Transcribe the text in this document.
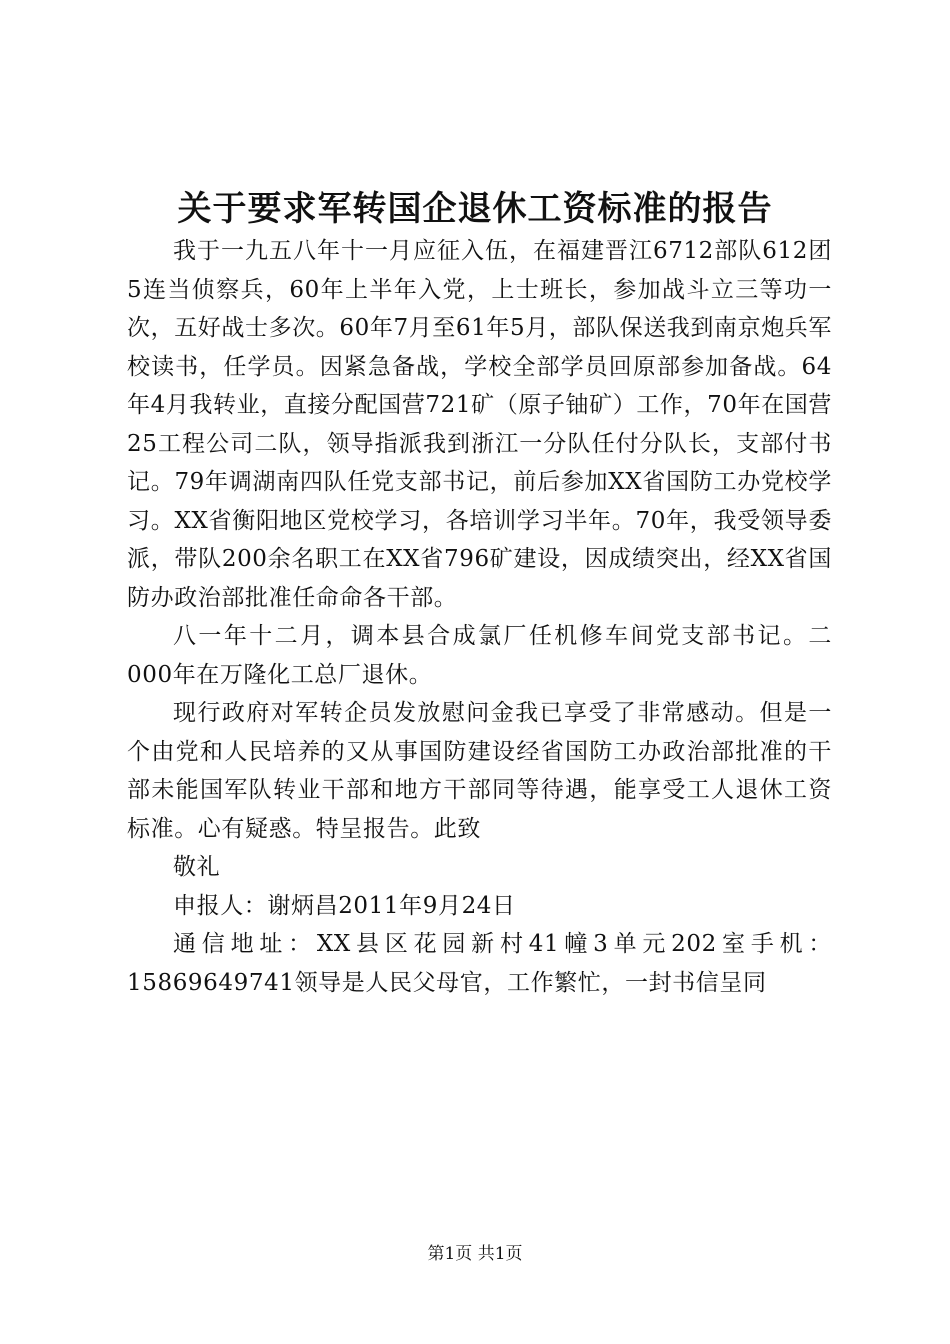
关于要求军转国企退休工资标准的报告

我于一九五八年十一月应征入伍，在福建晋江6712部队612团5连当侦察兵，60年上半年入党，上士班长，参加战斗立三等功一次，五好战士多次。60年7月至61年5月，部队保送我到南京炮兵军校读书，任学员。因紧急备战，学校全部学员回原部参加备战。64年4月我转业，直接分配国营721矿（原子铀矿）工作，70年在国营25工程公司二队，领导指派我到浙江一分队任付分队长，支部付书记。79年调湖南四队任党支部书记，前后参加XX省国防工办党校学习。XX省衡阳地区党校学习，各培训学习半年。70年，我受领导委派，带队200余名职工在XX省796矿建设，因成绩突出，经XX省国防办政治部批准任命命各干部。

八一年十二月，调本县合成氯厂任机修车间党支部书记。二000年在万隆化工总厂退休。

现行政府对军转企员发放慰问金我已享受了非常感动。但是一个由党和人民培养的又从事国防建设经省国防工办政治部批准的干部未能国军队转业干部和地方干部同等待遇，能享受工人退休工资标准。心有疑惑。特呈报告。此致

敬礼

申报人：谢炳昌2011年9月24日

通信地址：XX县区花园新村41幢3单元202室手机：15869649741领导是人民父母官，工作繁忙，一封书信呈同

第1页 共1页
